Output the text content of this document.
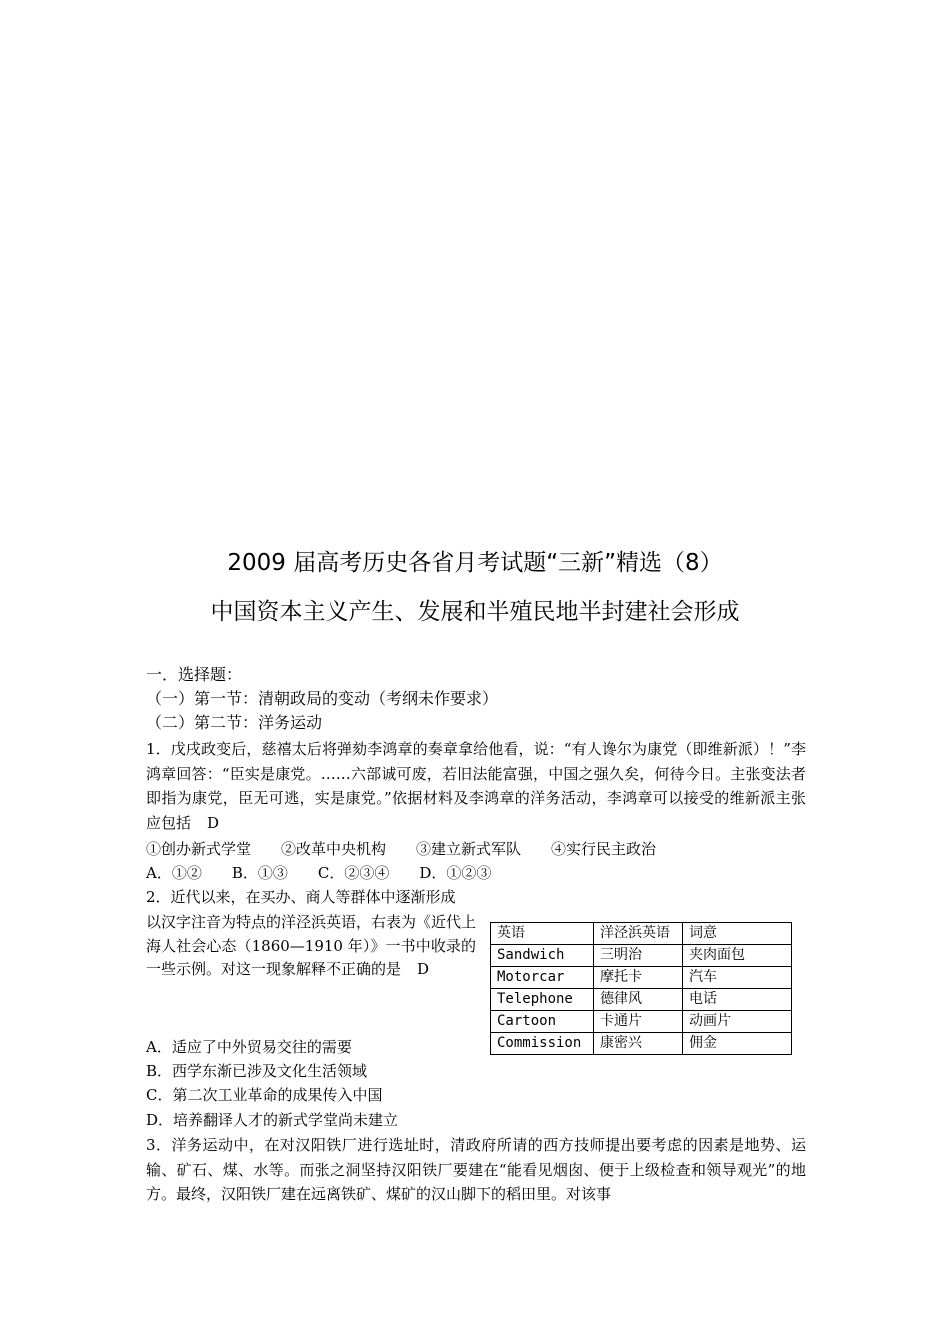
2009 届高考历史各省月考试题“三新”精选（8）
中国资本主义产生、发展和半殖民地半封建社会形成
一．选择题：
（一）第一节：清朝政局的变动（考纲未作要求）
（二）第二节：洋务运动
1．戊戌政变后，慈禧太后将弹劾李鸿章的奏章拿给他看，说：“有人谗尔为康党（即维新派）！”李鸿章回答：“臣实是康党。……六部诚可废，若旧法能富强，中国之强久矣，何待今日。主张变法者即指为康党，臣无可逃，实是康党。”依据材料及李鸿章的洋务活动，李鸿章可以接受的维新派主张应包括 D
①创办新式学堂　　②改革中央机构　　③建立新式军队　　④实行民主政治
A．①②　　B．①③　　C．②③④　　D．①②③
2．近代以来，在买办、商人等群体中逐渐形成
以汉字注音为特点的洋泾浜英语，右表为《近代上海人社会心态（1860—1910 年）》一书中收录的一些示例。对这一现象解释不正确的是 D
英语	洋泾浜英语	词意
Sandwich	三明治	夹肉面包
Motorcar	摩托卡	汽车
Telephone	德律风	电话
Cartoon	卡通片	动画片
Commission	康密兴	佣金
A．适应了中外贸易交往的需要
B．西学东渐已涉及文化生活领域
C．第二次工业革命的成果传入中国
D．培养翻译人才的新式学堂尚未建立
3．洋务运动中，在对汉阳铁厂进行选址时，清政府所请的西方技师提出要考虑的因素是地势、运输、矿石、煤、水等。而张之洞坚持汉阳铁厂要建在“能看见烟囱、便于上级检查和领导观光”的地方。最终，汉阳铁厂建在远离铁矿、煤矿的汉山脚下的稻田里。对该事
